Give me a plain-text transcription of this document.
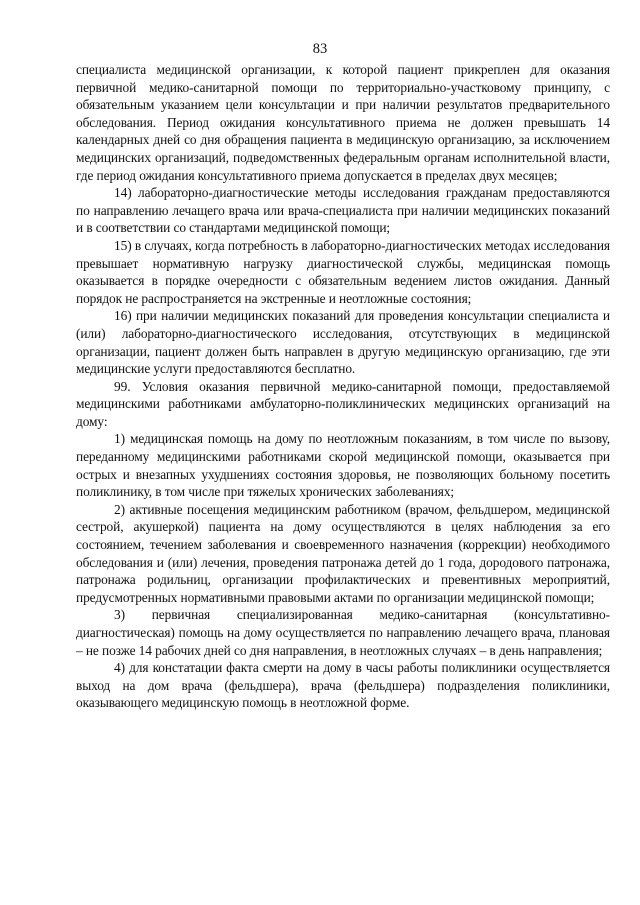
83

специалиста медицинской организации, к которой пациент прикреплен для оказания первичной медико-санитарной помощи по территориально-участковому принципу, с обязательным указанием цели консультации и при наличии результатов предварительного обследования. Период ожидания консультативного приема не должен превышать 14 календарных дней со дня обращения пациента в медицинскую организацию, за исключением медицинских организаций, подведомственных федеральным органам исполнительной власти, где период ожидания консультативного приема допускается в пределах двух месяцев;

14) лабораторно-диагностические методы исследования гражданам предоставляются по направлению лечащего врача или врача-специалиста при наличии медицинских показаний и в соответствии со стандартами медицинской помощи;

15) в случаях, когда потребность в лабораторно-диагностических методах исследования превышает нормативную нагрузку диагностической службы, медицинская помощь оказывается в порядке очередности с обязательным ведением листов ожидания. Данный порядок не распространяется на экстренные и неотложные состояния;

16) при наличии медицинских показаний для проведения консультации специалиста и (или) лабораторно-диагностического исследования, отсутствующих в медицинской организации, пациент должен быть направлен в другую медицинскую организацию, где эти медицинские услуги предоставляются бесплатно.

99. Условия оказания первичной медико-санитарной помощи, предоставляемой медицинскими работниками амбулаторно-поликлинических медицинских организаций на дому:

1) медицинская помощь на дому по неотложным показаниям, в том числе по вызову, переданному медицинскими работниками скорой медицинской помощи, оказывается при острых и внезапных ухудшениях состояния здоровья, не позволяющих больному посетить поликлинику, в том числе при тяжелых хронических заболеваниях;

2) активные посещения медицинским работником (врачом, фельдшером, медицинской сестрой, акушеркой) пациента на дому осуществляются в целях наблюдения за его состоянием, течением заболевания и своевременного назначения (коррекции) необходимого обследования и (или) лечения, проведения патронажа детей до 1 года, дородового патронажа, патронажа родильниц, организации профилактических и превентивных мероприятий, предусмотренных нормативными правовыми актами по организации медицинской помощи;

3) первичная специализированная медико-санитарная (консультативно-диагностическая) помощь на дому осуществляется по направлению лечащего врача, плановая – не позже 14 рабочих дней со дня направления, в неотложных случаях – в день направления;

4) для констатации факта смерти на дому в часы работы поликлиники осуществляется выход на дом врача (фельдшера), врача (фельдшера) подразделения поликлиники, оказывающего медицинскую помощь в неотложной форме.
